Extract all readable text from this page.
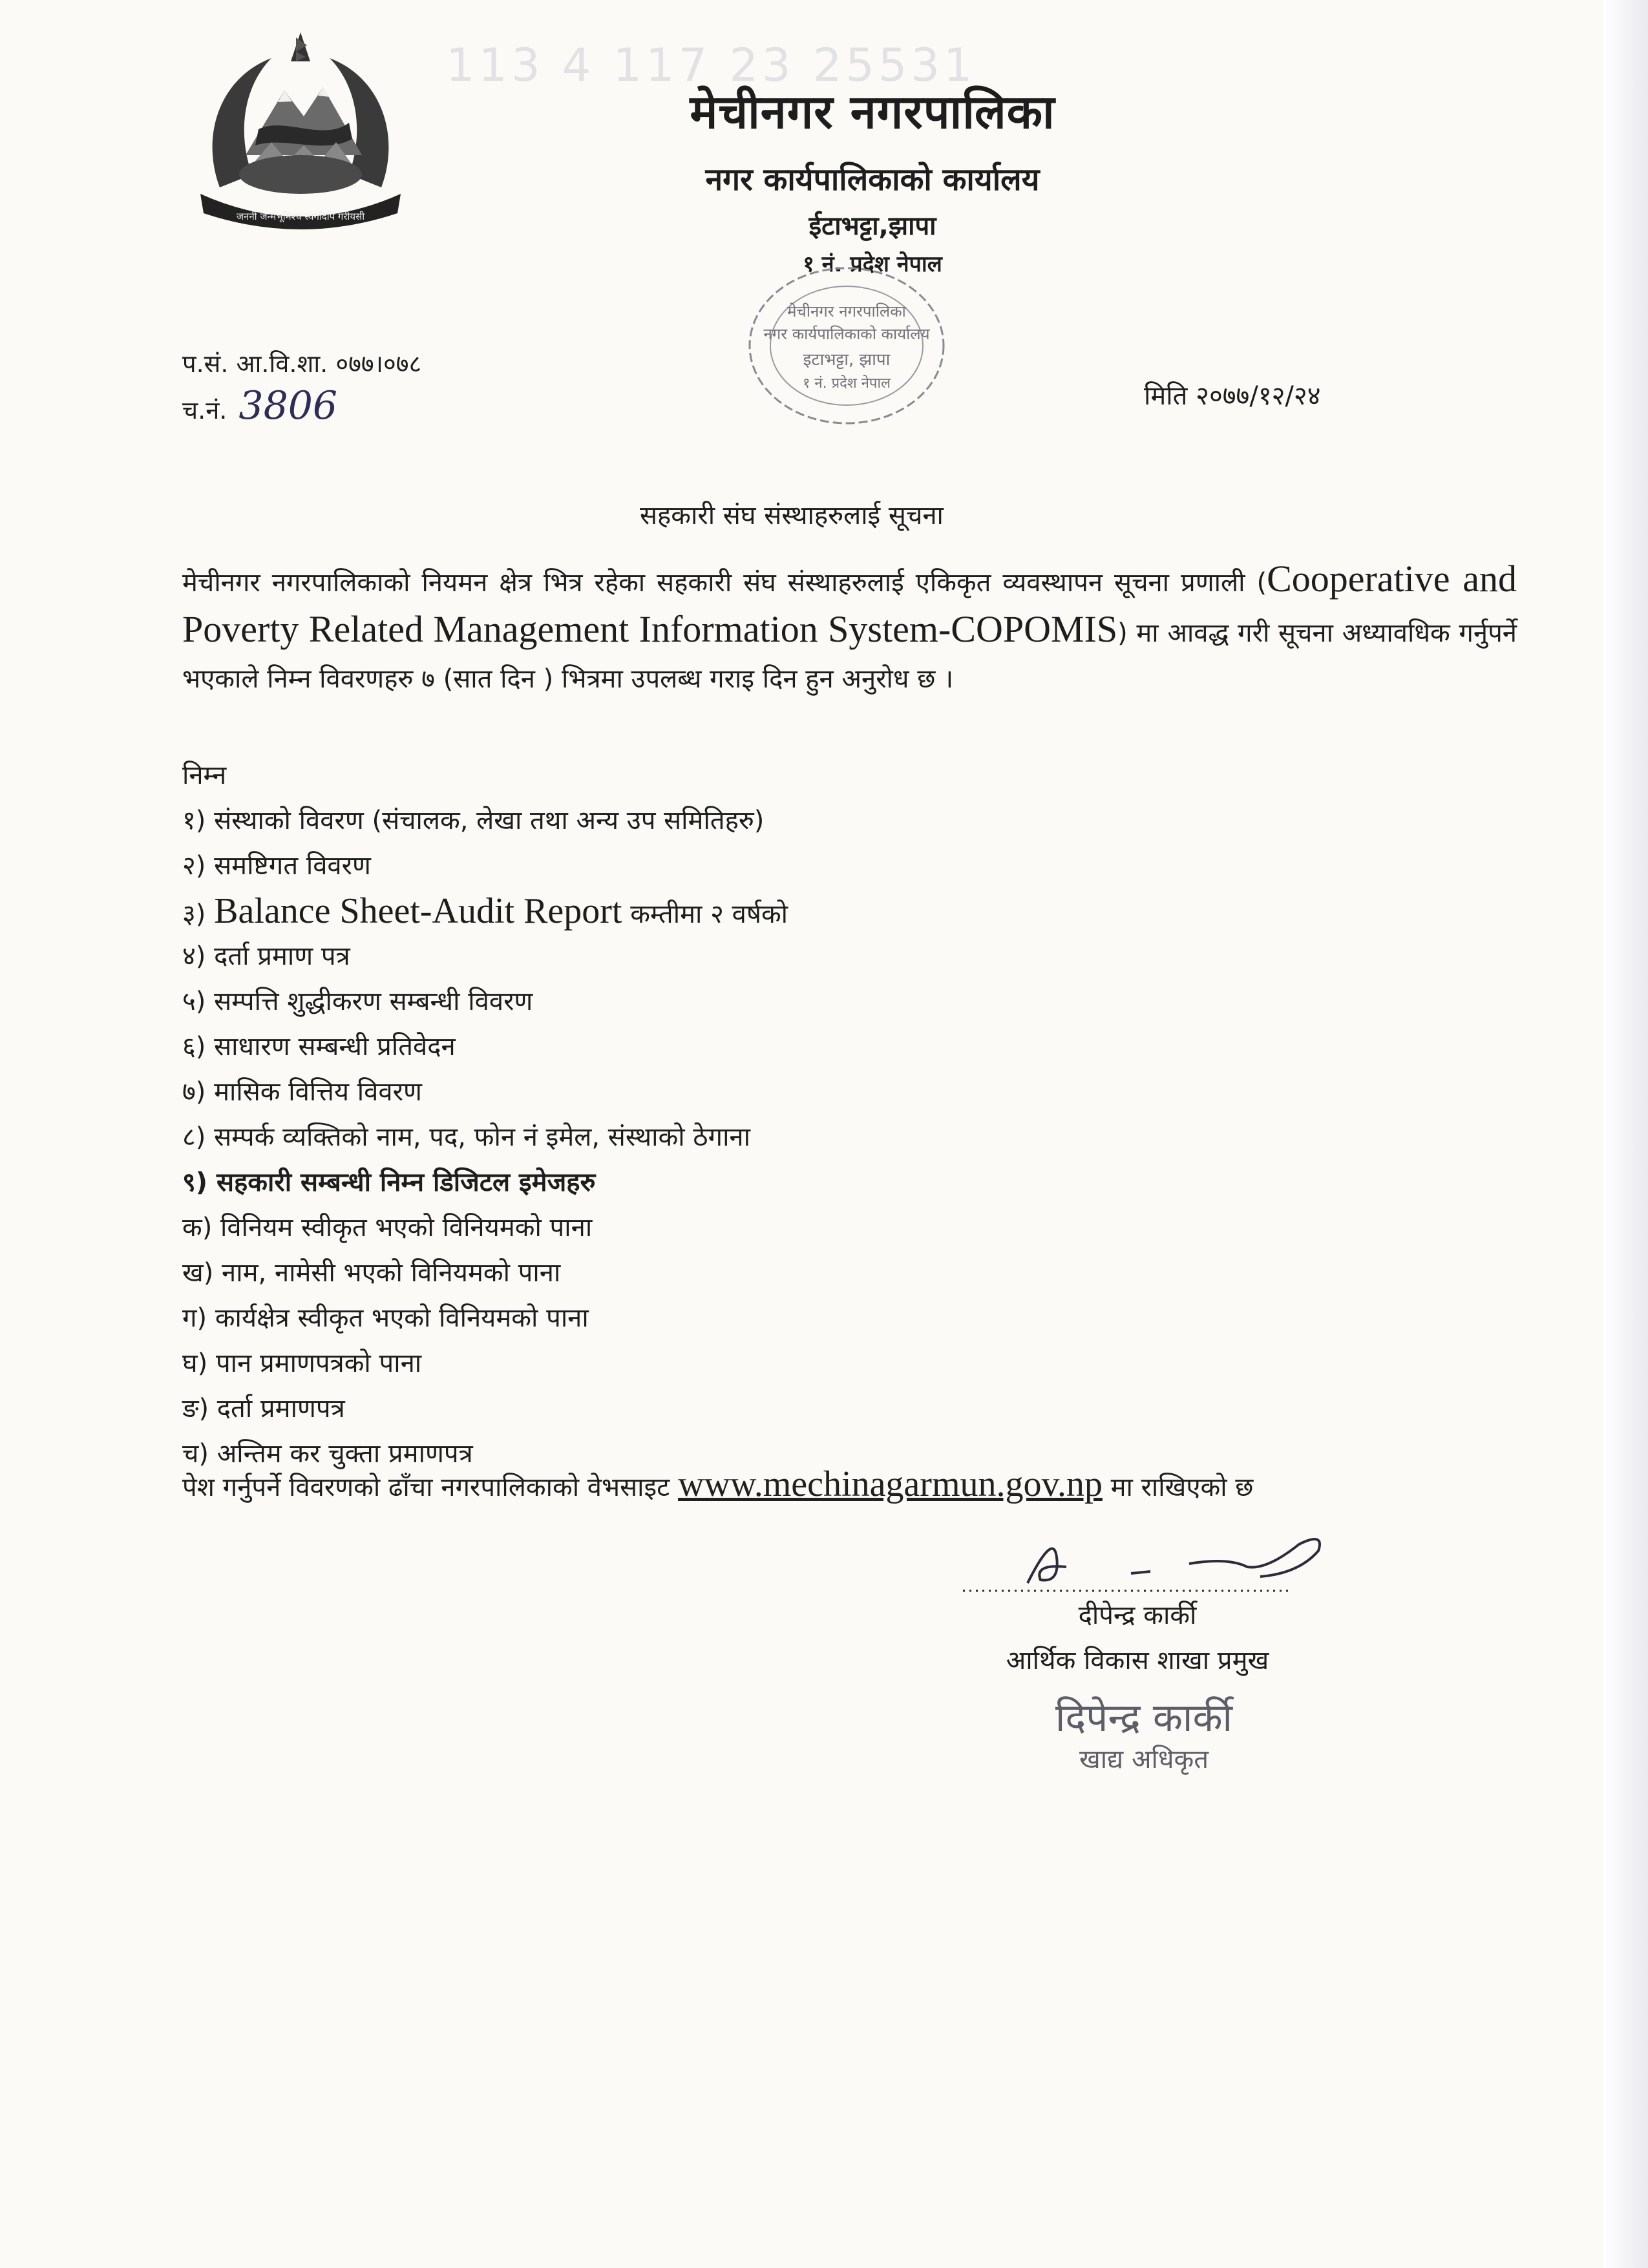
113 4 117 23 25531
जननी जन्मभूमिश्च स्वर्गादपि गरीयसी
मेचीनगर नगरपालिका
नगर कार्यपालिकाको कार्यालय
ईटाभट्टा,झापा
१ नं. प्रदेश नेपाल
मेचीनगर नगरपालिका
नगर कार्यपालिकाको कार्यालय
इटाभट्टा, झापा
१ नं. प्रदेश नेपाल
प.सं. आ.वि.शा. ०७७।०७८
च.नं. 3806	मिति २०७७/१२/२४
सहकारी संघ संस्थाहरुलाई सूचना
मेचीनगर नगरपालिकाको नियमन क्षेत्र भित्र रहेका सहकारी संघ संस्थाहरुलाई एकिकृत व्यवस्थापन सूचना प्रणाली (Cooperative and Poverty Related Management Information System-COPOMIS) मा आवद्ध गरी सूचना अध्यावधिक गर्नुपर्ने भएकाले निम्न विवरणहरु ७ (सात दिन ) भित्रमा उपलब्ध गराइ दिन हुन अनुरोध छ ।
निम्न
१) संस्थाको विवरण (संचालक, लेखा तथा अन्य उप समितिहरु)
२) समष्टिगत विवरण
३) Balance Sheet-Audit Report कम्तीमा २ वर्षको
४) दर्ता प्रमाण पत्र
५) सम्पत्ति शुद्धीकरण सम्बन्धी विवरण
६) साधारण सम्बन्धी प्रतिवेदन
७) मासिक वित्तिय विवरण
८) सम्पर्क व्यक्तिको नाम, पद, फोन नं इमेल, संस्थाको ठेगाना
९) सहकारी सम्बन्धी निम्न डिजिटल इमेजहरु
क) विनियम स्वीकृत भएको विनियमको पाना
ख) नाम, नामेसी भएको विनियमको पाना
ग) कार्यक्षेत्र स्वीकृत भएको विनियमको पाना
घ) पान प्रमाणपत्रको पाना
ङ) दर्ता प्रमाणपत्र
च) अन्तिम कर चुक्ता प्रमाणपत्र
पेश गर्नुपर्ने विवरणको ढाँचा नगरपालिकाको वेभसाइट www.mechinagarmun.gov.np मा राखिएको छ
दीपेन्द्र कार्की
आर्थिक विकास शाखा प्रमुख
दिपेन्द्र कार्की
खाद्य अधिकृत
